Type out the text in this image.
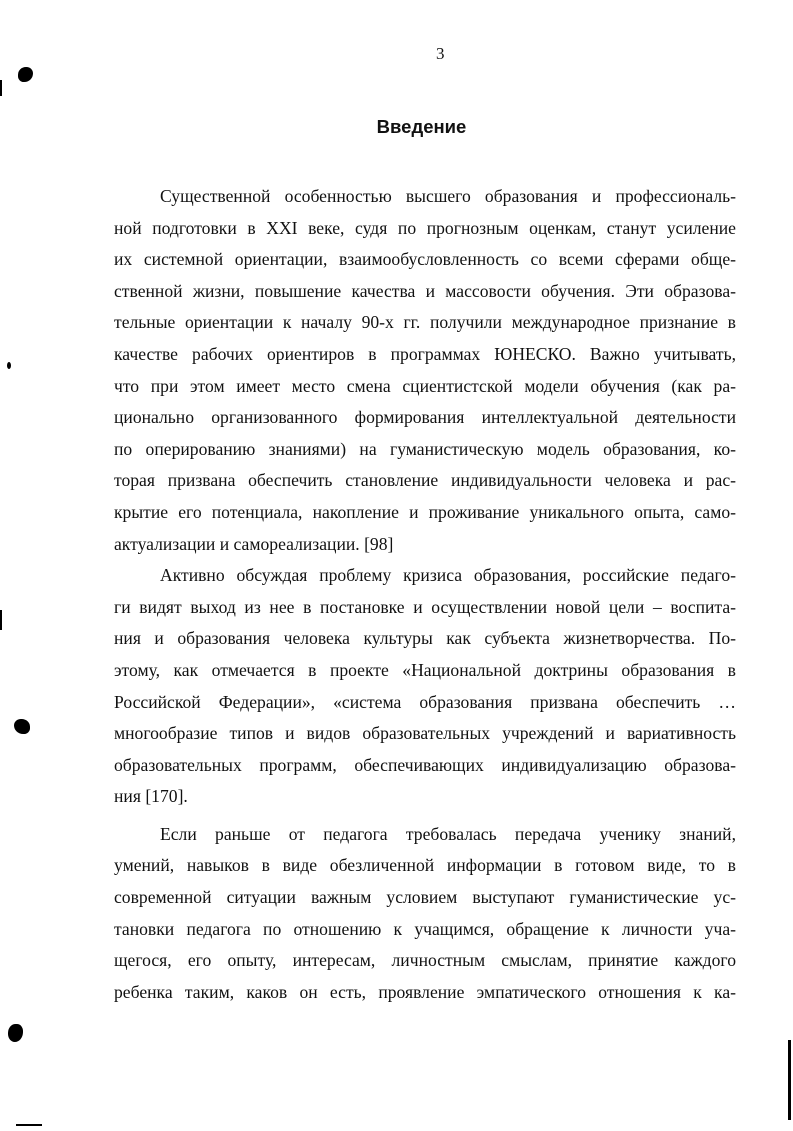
3
Введение
Существенной особенностью высшего образования и профессиональ-
ной подготовки в XXI веке, судя по прогнозным оценкам, станут усиление
их системной ориентации, взаимообусловленность со всеми сферами обще-
ственной жизни, повышение качества и массовости обучения. Эти образова-
тельные ориентации к началу 90-х гг. получили международное признание в
качестве рабочих ориентиров в программах ЮНЕСКО. Важно учитывать,
что при этом имеет место смена сциентистской модели обучения (как ра-
ционально организованного формирования интеллектуальной деятельности
по оперированию знаниями) на гуманистическую модель образования, ко-
торая призвана обеспечить становление индивидуальности человека и рас-
крытие его потенциала, накопление и проживание уникального опыта, само-
актуализации и самореализации. [98]
Активно обсуждая проблему кризиса образования, российские педаго-
ги видят выход из нее в постановке и осуществлении новой цели – воспита-
ния и образования человека культуры как субъекта жизнетворчества. По-
этому, как отмечается в проекте «Национальной доктрины образования в
Российской Федерации», «система образования призвана обеспечить …
многообразие типов и видов образовательных учреждений и вариативность
образовательных программ, обеспечивающих индивидуализацию образова-
ния [170].
Если раньше от педагога требовалась передача ученику знаний,
умений, навыков в виде обезличенной информации в готовом виде, то в
современной ситуации важным условием выступают гуманистические ус-
тановки педагога по отношению к учащимся, обращение к личности уча-
щегося, его опыту, интересам, личностным смыслам, принятие каждого
ребенка таким, каков он есть, проявление эмпатического отношения к ка-
